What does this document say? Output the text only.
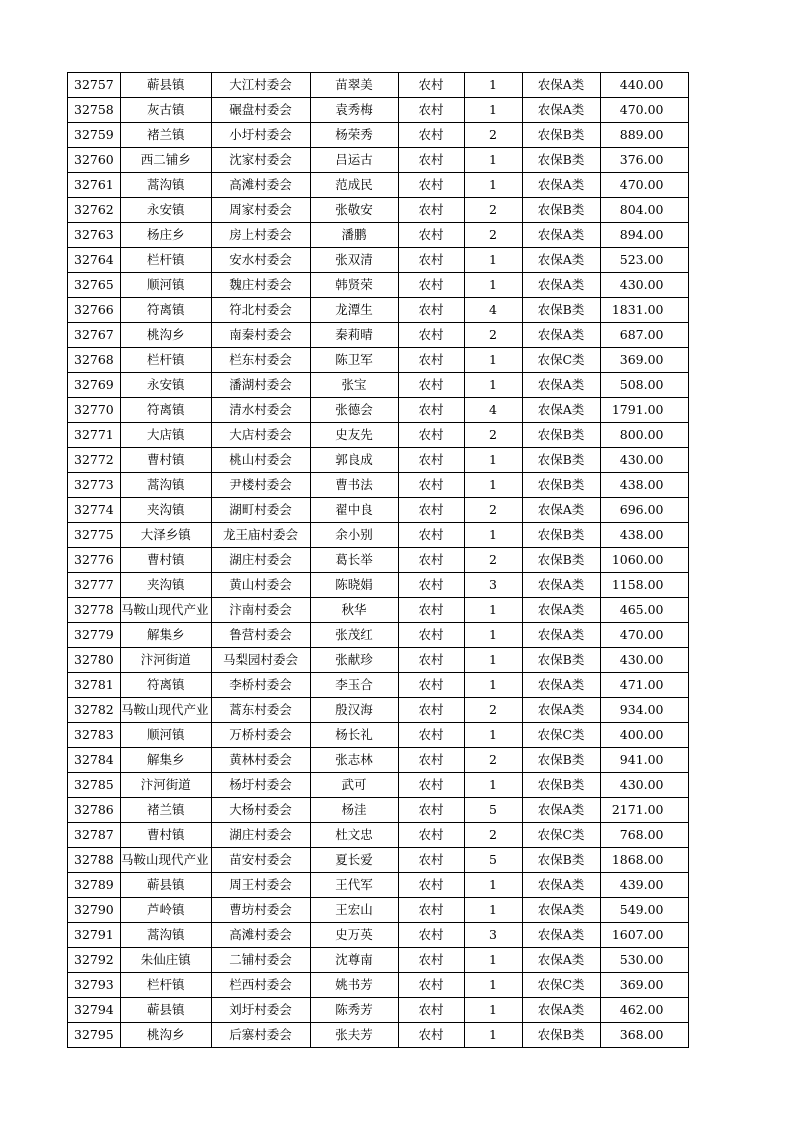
32757	蕲县镇	大江村委会	苗翠美	农村	1	农保A类	440.00
32758	灰古镇	碾盘村委会	袁秀梅	农村	1	农保A类	470.00
32759	褚兰镇	小圩村委会	杨荣秀	农村	2	农保B类	889.00
32760	西二铺乡	沈家村委会	吕运古	农村	1	农保B类	376.00
32761	蒿沟镇	高滩村委会	范成民	农村	1	农保A类	470.00
32762	永安镇	周家村委会	张敬安	农村	2	农保B类	804.00
32763	杨庄乡	房上村委会	潘鹏	农村	2	农保A类	894.00
32764	栏杆镇	安水村委会	张双清	农村	1	农保A类	523.00
32765	顺河镇	魏庄村委会	韩贤荣	农村	1	农保A类	430.00
32766	符离镇	符北村委会	龙潭生	农村	4	农保B类	1831.00
32767	桃沟乡	南秦村委会	秦莉晴	农村	2	农保A类	687.00
32768	栏杆镇	栏东村委会	陈卫军	农村	1	农保C类	369.00
32769	永安镇	潘湖村委会	张宝	农村	1	农保A类	508.00
32770	符离镇	清水村委会	张德会	农村	4	农保A类	1791.00
32771	大店镇	大店村委会	史友先	农村	2	农保B类	800.00
32772	曹村镇	桃山村委会	郭良成	农村	1	农保B类	430.00
32773	蒿沟镇	尹楼村委会	曹书法	农村	1	农保B类	438.00
32774	夹沟镇	湖町村委会	翟中良	农村	2	农保A类	696.00
32775	大泽乡镇	龙王庙村委会	余小别	农村	1	农保B类	438.00
32776	曹村镇	湖庄村委会	葛长举	农村	2	农保B类	1060.00
32777	夹沟镇	黄山村委会	陈晓娟	农村	3	农保A类	1158.00
32778	马鞍山现代产业	汴南村委会	秋华	农村	1	农保A类	465.00
32779	解集乡	鲁营村委会	张茂红	农村	1	农保A类	470.00
32780	汴河街道	马梨园村委会	张献珍	农村	1	农保B类	430.00
32781	符离镇	李桥村委会	李玉合	农村	1	农保A类	471.00
32782	马鞍山现代产业	蒿东村委会	殷汉海	农村	2	农保A类	934.00
32783	顺河镇	万桥村委会	杨长礼	农村	1	农保C类	400.00
32784	解集乡	黄林村委会	张志林	农村	2	农保B类	941.00
32785	汴河街道	杨圩村委会	武可	农村	1	农保B类	430.00
32786	褚兰镇	大杨村委会	杨洼	农村	5	农保A类	2171.00
32787	曹村镇	湖庄村委会	杜文忠	农村	2	农保C类	768.00
32788	马鞍山现代产业	苗安村委会	夏长爱	农村	5	农保B类	1868.00
32789	蕲县镇	周王村委会	王代军	农村	1	农保A类	439.00
32790	芦岭镇	曹坊村委会	王宏山	农村	1	农保A类	549.00
32791	蒿沟镇	高滩村委会	史万英	农村	3	农保A类	1607.00
32792	朱仙庄镇	二铺村委会	沈尊南	农村	1	农保A类	530.00
32793	栏杆镇	栏西村委会	姚书芳	农村	1	农保C类	369.00
32794	蕲县镇	刘圩村委会	陈秀芳	农村	1	农保A类	462.00
32795	桃沟乡	后寨村委会	张夫芳	农村	1	农保B类	368.00
